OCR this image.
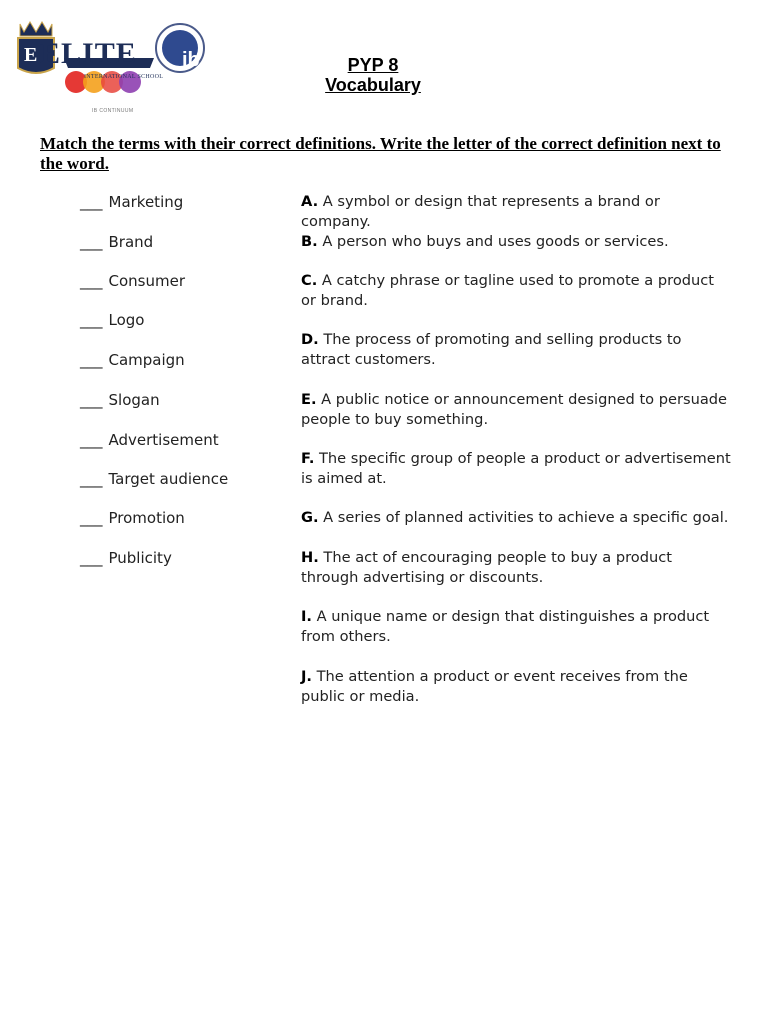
E ELITE
INTERNATIONAL SCHOOL
IB CONTINUUM
ib	PYP 8
Vocabulary
Match the terms with their correct definitions. Write the letter of the correct definition next to the word.
___ Marketing
___ Brand
___ Consumer
___ Logo
___ Campaign
___ Slogan
___ Advertisement
___ Target audience
___ Promotion
___ Publicity
A. A symbol or design that represents a brand or company.
B. A person who buys and uses goods or services.
C. A catchy phrase or tagline used to promote a product or brand.
D. The process of promoting and selling products to attract customers.
E. A public notice or announcement designed to persuade people to buy something.
F. The specific group of people a product or advertisement is aimed at.
G. A series of planned activities to achieve a specific goal.
H. The act of encouraging people to buy a product through advertising or discounts.
I. A unique name or design that distinguishes a product from others.
J. The attention a product or event receives from the public or media.
